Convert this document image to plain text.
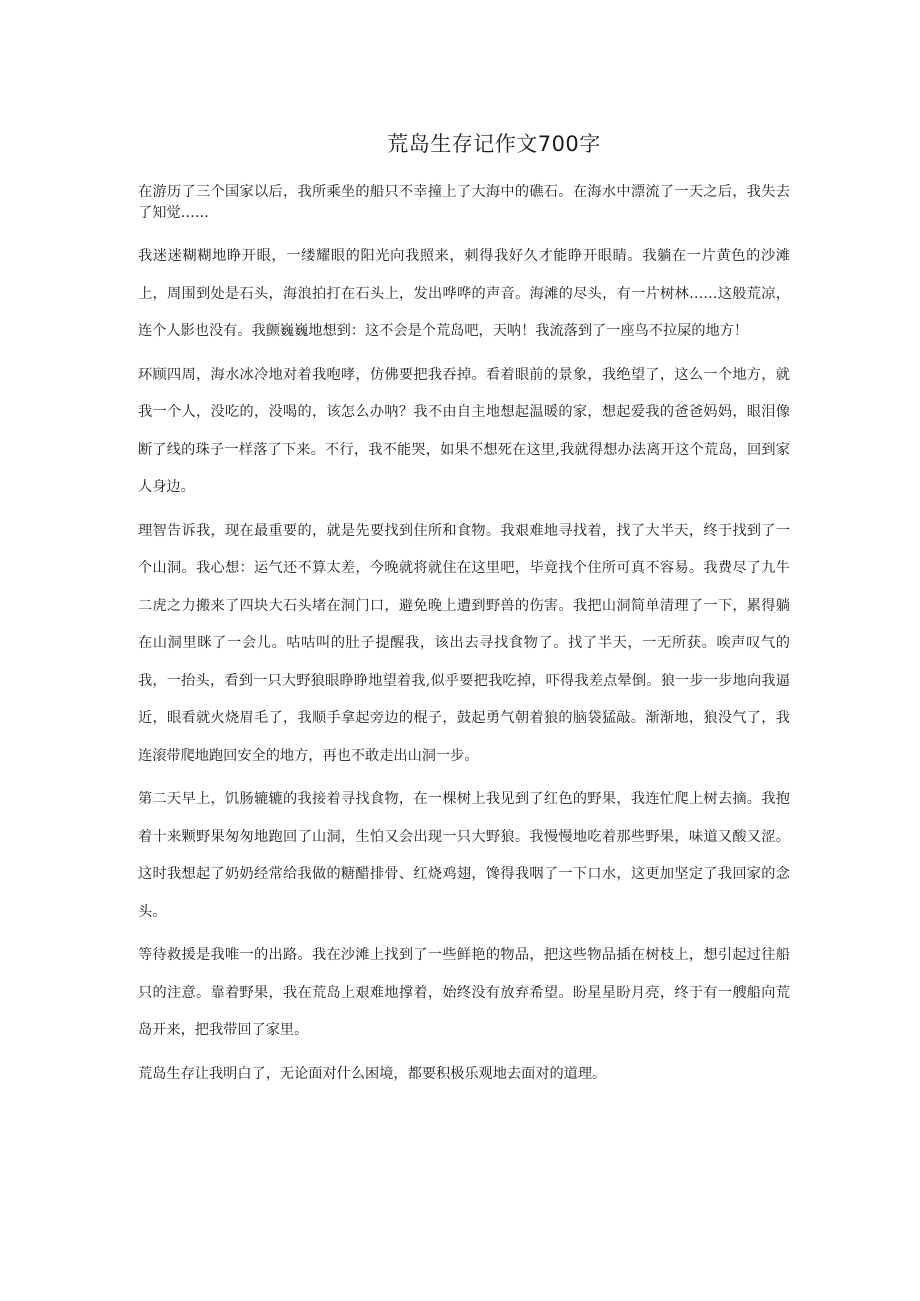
荒岛生存记作文700字

在游历了三个国家以后，我所乘坐的船只不幸撞上了大海中的礁石。在海水中漂流了一天之后，我失去了知觉……

我迷迷糊糊地睁开眼，一缕耀眼的阳光向我照来，刺得我好久才能睁开眼睛。我躺在一片黄色的沙滩上，周围到处是石头，海浪拍打在石头上，发出哗哗的声音。海滩的尽头，有一片树林……这般荒凉，连个人影也没有。我颤巍巍地想到：这不会是个荒岛吧，天呐！我流落到了一座鸟不拉屎的地方！

环顾四周，海水冰冷地对着我咆哮，仿佛要把我吞掉。看着眼前的景象，我绝望了，这么一个地方，就我一个人，没吃的，没喝的，该怎么办呐？我不由自主地想起温暖的家，想起爱我的爸爸妈妈，眼泪像断了线的珠子一样落了下来。不行，我不能哭，如果不想死在这里,我就得想办法离开这个荒岛，回到家人身边。

理智告诉我，现在最重要的，就是先要找到住所和食物。我艰难地寻找着，找了大半天，终于找到了一个山洞。我心想：运气还不算太差，今晚就将就住在这里吧，毕竟找个住所可真不容易。我费尽了九牛二虎之力搬来了四块大石头堵在洞门口，避免晚上遭到野兽的伤害。我把山洞简单清理了一下，累得躺在山洞里眯了一会儿。咕咕叫的肚子提醒我，该出去寻找食物了。找了半天，一无所获。唉声叹气的我，一抬头，看到一只大野狼眼睁睁地望着我,似乎要把我吃掉，吓得我差点晕倒。狼一步一步地向我逼近，眼看就火烧眉毛了，我顺手拿起旁边的棍子，鼓起勇气朝着狼的脑袋猛敲。渐渐地，狼没气了，我连滚带爬地跑回安全的地方，再也不敢走出山洞一步。

第二天早上，饥肠辘辘的我接着寻找食物，在一棵树上我见到了红色的野果，我连忙爬上树去摘。我抱着十来颗野果匆匆地跑回了山洞，生怕又会出现一只大野狼。我慢慢地吃着那些野果，味道又酸又涩。这时我想起了奶奶经常给我做的糖醋排骨、红烧鸡翅，馋得我咽了一下口水，这更加坚定了我回家的念头。

等待救援是我唯一的出路。我在沙滩上找到了一些鲜艳的物品，把这些物品插在树枝上，想引起过往船只的注意。靠着野果，我在荒岛上艰难地撑着，始终没有放弃希望。盼星星盼月亮，终于有一艘船向荒岛开来，把我带回了家里。

荒岛生存让我明白了，无论面对什么困境，都要积极乐观地去面对的道理。
